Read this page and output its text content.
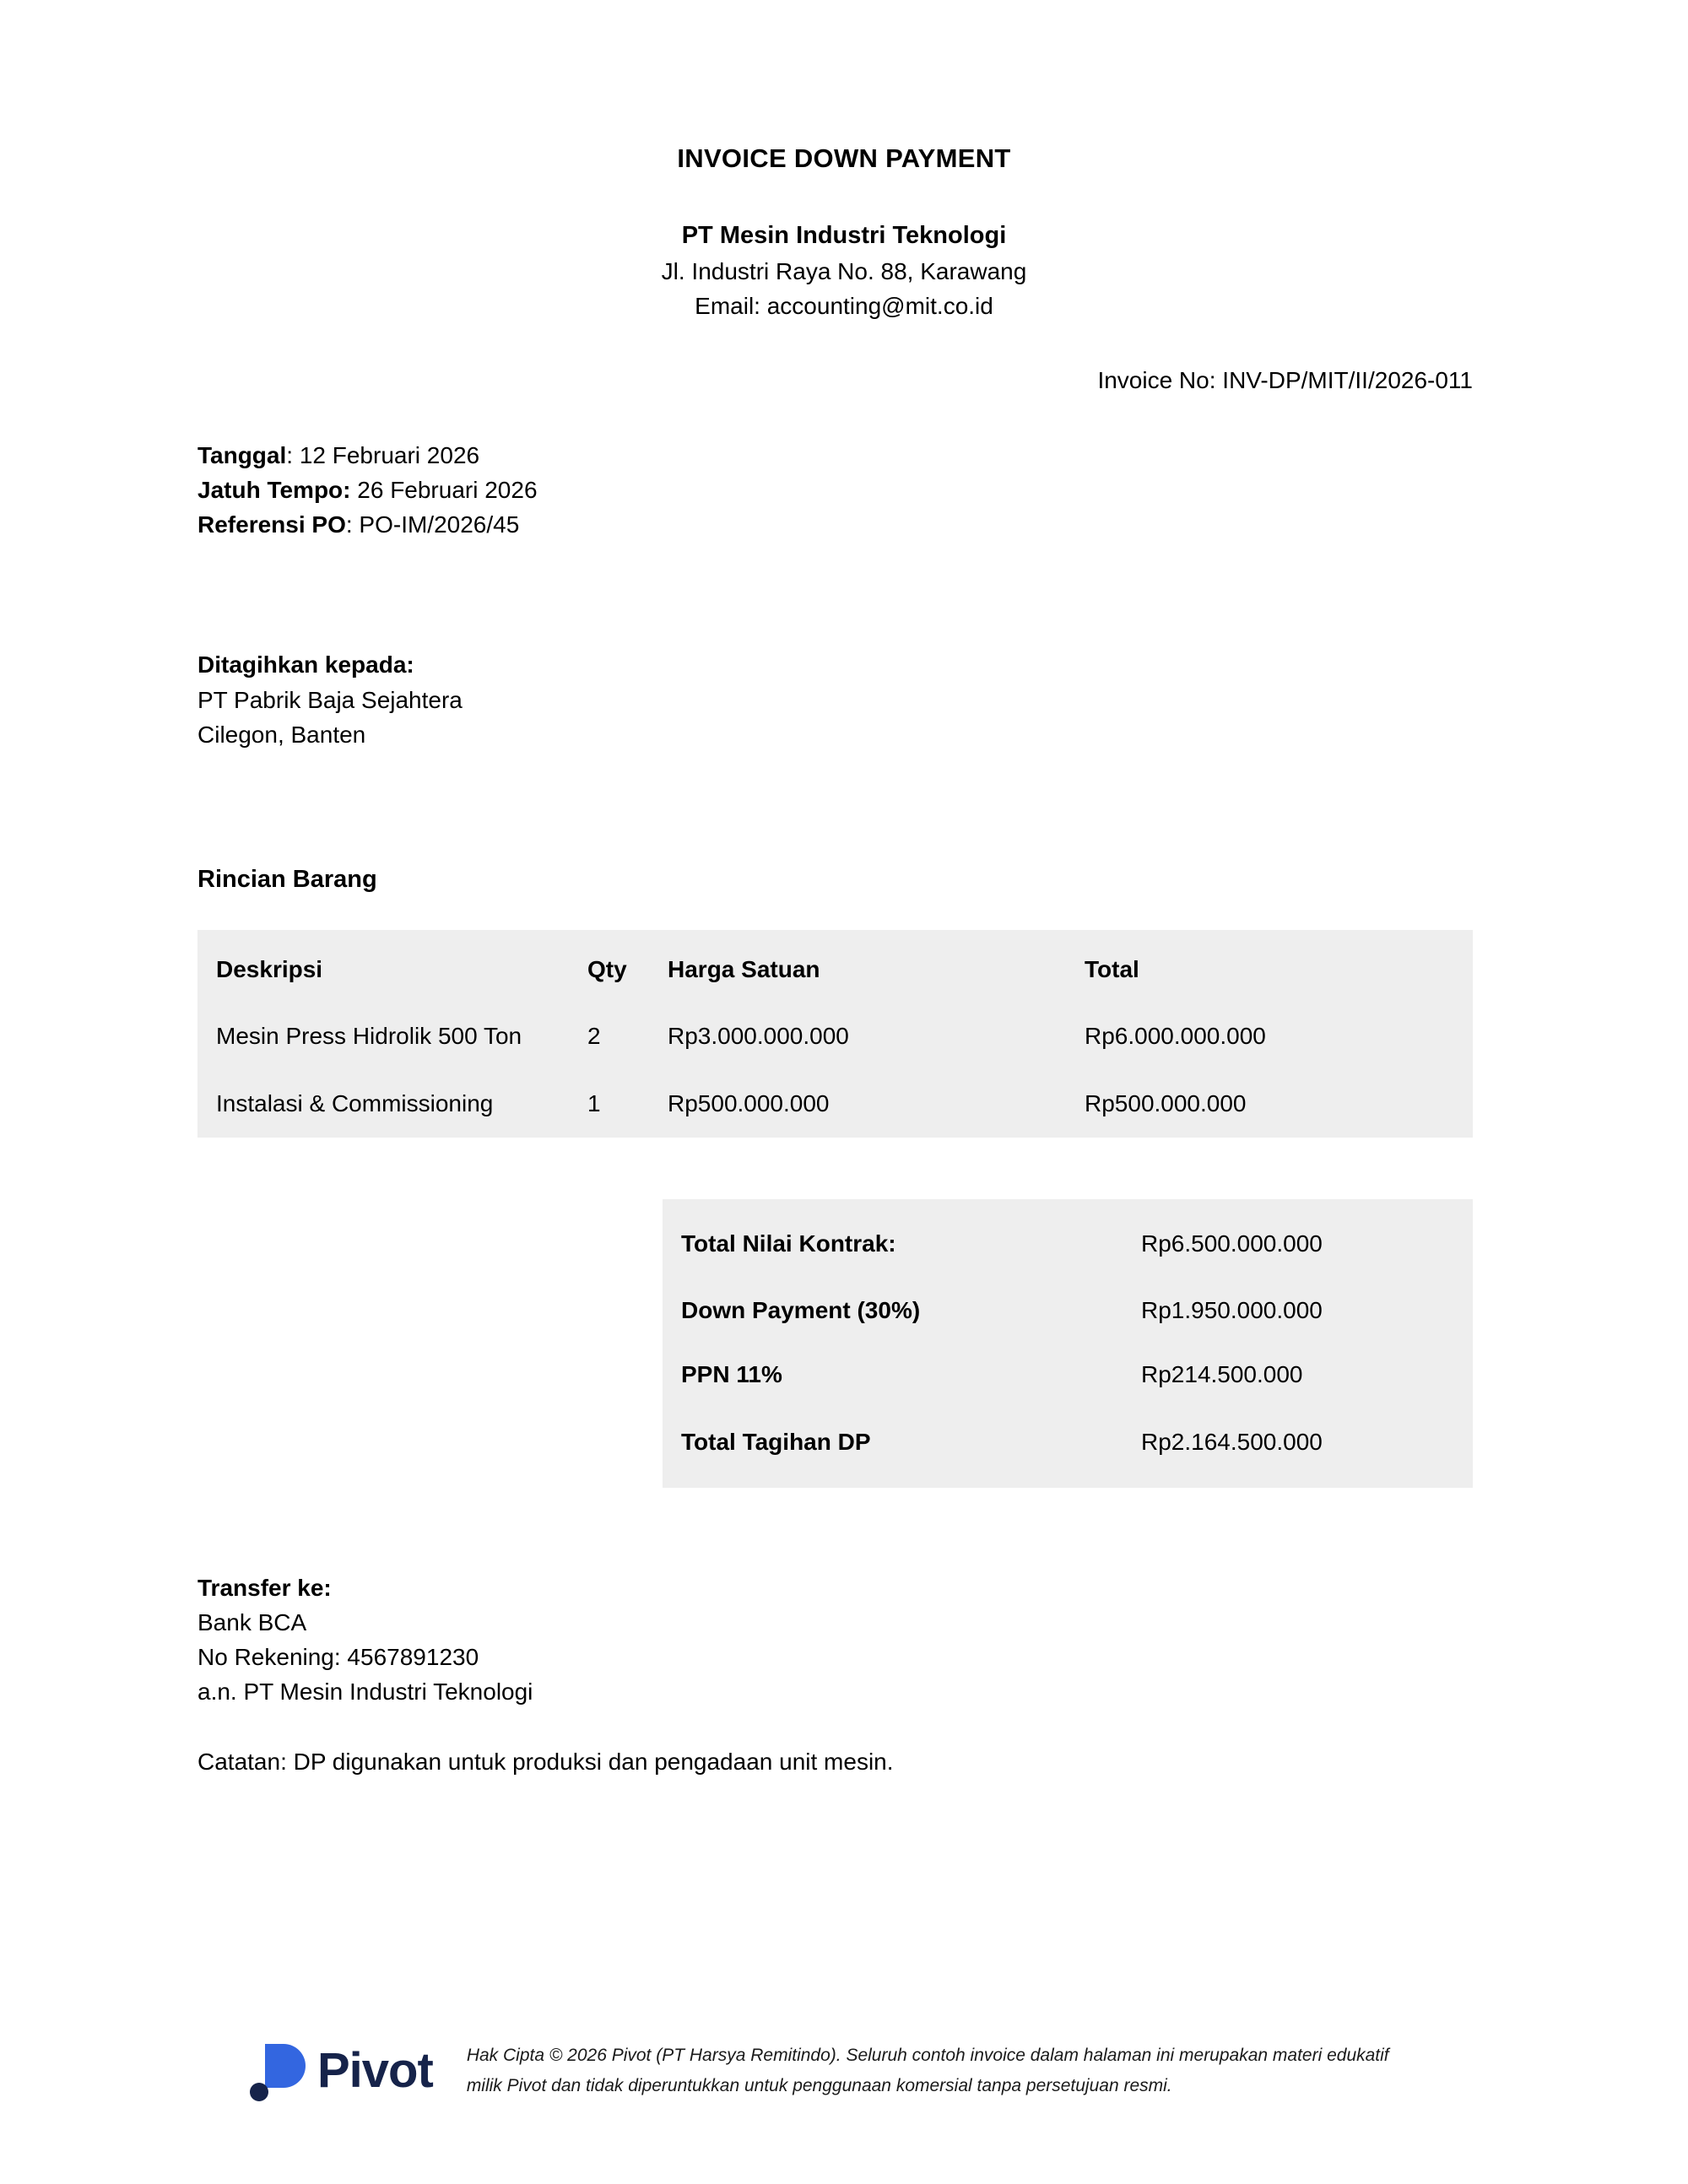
INVOICE DOWN PAYMENT
PT Mesin Industri Teknologi
Jl. Industri Raya No. 88, Karawang
Email: accounting@mit.co.id
Invoice No: INV-DP/MIT/II/2026-011
Tanggal: 12 Februari 2026
Jatuh Tempo: 26 Februari 2026
Referensi PO: PO-IM/2026/45
Ditagihkan kepada:
PT Pabrik Baja Sejahtera
Cilegon, Banten
Rincian Barang
Deskripsi	Qty	Harga Satuan	Total
Mesin Press Hidrolik 500 Ton	2	Rp3.000.000.000	Rp6.000.000.000
Instalasi & Commissioning	1	Rp500.000.000	Rp500.000.000
Total Nilai Kontrak:	Rp6.500.000.000
Down Payment (30%)	Rp1.950.000.000
PPN 11%	Rp214.500.000
Total Tagihan DP	Rp2.164.500.000
Transfer ke:
Bank BCA
No Rekening: 4567891230
a.n. PT Mesin Industri Teknologi
Catatan: DP digunakan untuk produksi dan pengadaan unit mesin.
Pivot Hak Cipta © 2026 Pivot (PT Harsya Remitindo). Seluruh contoh invoice dalam halaman ini merupakan materi edukatif
milik Pivot dan tidak diperuntukkan untuk penggunaan komersial tanpa persetujuan resmi.
